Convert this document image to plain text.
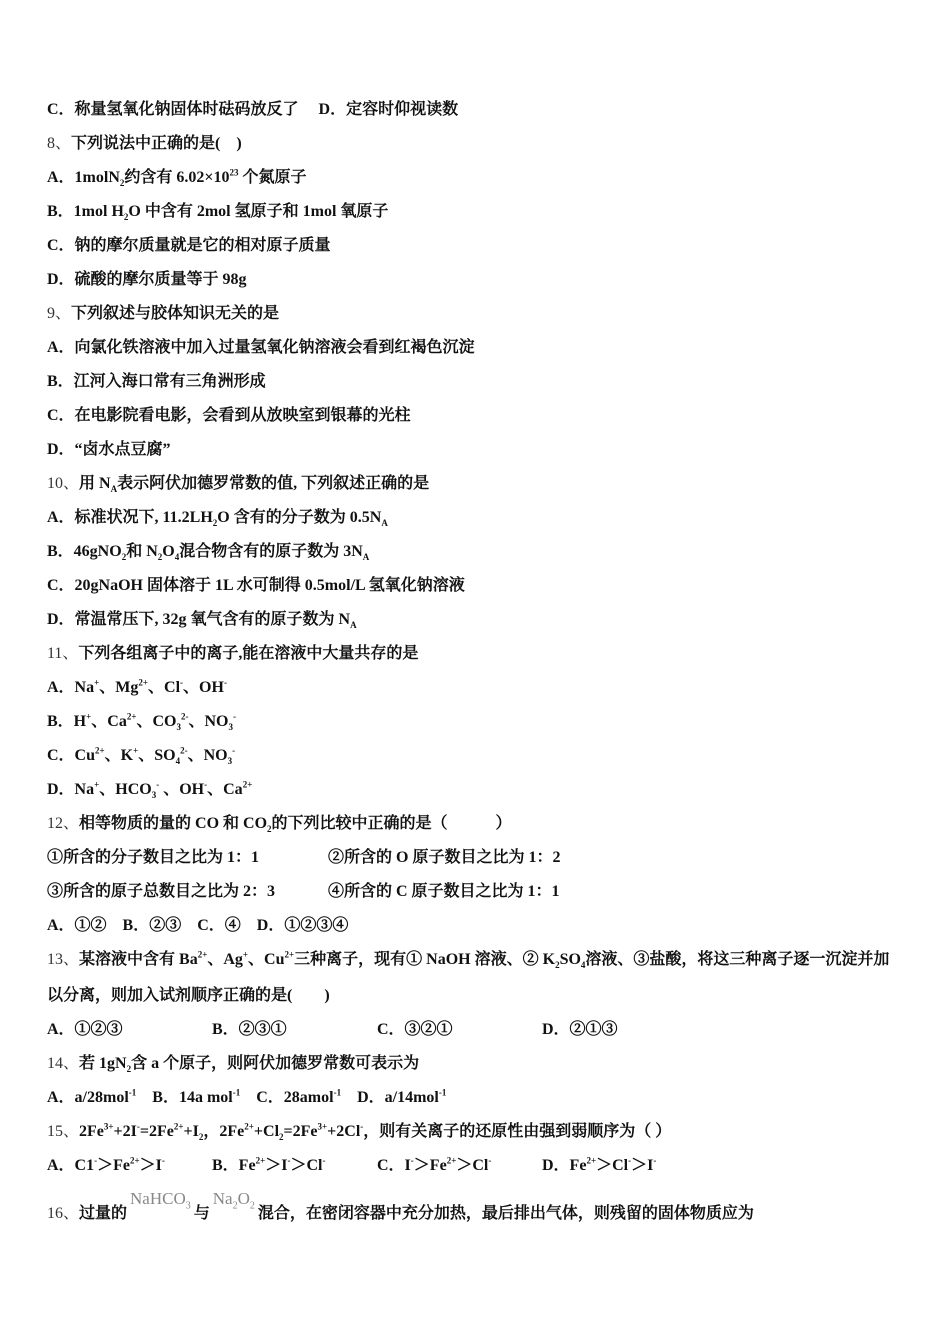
C．称量氢氧化钠固体时砝码放反了　 D．定容时仰视读数
8、下列说法中正确的是(　)
A．1molN$_2$约含有 $6.02\times 10^{23}$ 个氮原子
B．1mol $H_2O$ 中含有 2mol 氢原子和 1mol 氧原子
C．钠的摩尔质量就是它的相对原子质量
D．硫酸的摩尔质量等于 98g
9、下列叙述与胶体知识无关的是
A．向氯化铁溶液中加入过量氢氧化钠溶液会看到红褐色沉淀
B．江河入海口常有三角洲形成
C．在电影院看电影，会看到从放映室到银幕的光柱
D．“卤水点豆腐”
10、用 $N_A$表示阿伏加德罗常数的值, 下列叙述正确的是
A．标准状况下, $11.2LH_2O$ 含有的分子数为 $0.5N_A$
B．46gNO$_2$和 $N_2O_4$混合物含有的原子数为 $3N_A$
C．20gNaOH 固体溶于 1L 水可制得 0.5mol/L 氢氧化钠溶液
D．常温常压下, 32g 氧气含有的原子数为 $N_A$
11、下列各组离子中的离子,能在溶液中大量共存的是
A．Na+、$Mg^{2+}$、Cl-、OH-
B．H+、$Ca^{2+}$、$CO_3^{2-}$、$NO_3^-$
C．$Cu^{2+}$、K+、$SO_4^{2-}$、$NO_3^-$
D．Na+、$HCO_3^-$ 、OH-、$Ca^{2+}$
12、相等物质的量的 CO 和 $CO_2$的下列比较中正确的是（　　　）
①所含的分子数目之比为 1：1	②所含的 O 原子数目之比为 1：2
③所含的原子总数目之比为 2：3	④所含的 C 原子数目之比为 1：1
A．①②　B．②③　C．④　D．①②③④
13、某溶液中含有 $Ba^{2+}$、Ag+、$Cu^{2+}$三种离子，现有① NaOH 溶液、② $K_2SO_4$溶液、③盐酸，将这三种离子逐一沉淀并加
以分离，则加入试剂顺序正确的是(　　)
A．①②③	B．②③①	C．③②①	D．②①③
14、若 $1gN_2$含 a 个原子，则阿伏加德罗常数可表示为
A．a/28mol$^{-1}$　B．14a mol$^{-1}$　C．28amol$^{-1}$　D．a/14mol$^{-1}$
15、$2Fe^{3+}+2I^-=2Fe^{2+}+I_2$，$2Fe^{2+}+Cl_2=2Fe^{3+}+2Cl^-$，则有关离子的还原性由强到弱顺序为（ ）
A．$C1^->Fe^{2+}>I^-$	B．$Fe^{2+}>I^->Cl^-$	C．$I^->Fe^{2+}>Cl^-$	D．$Fe^{2+}>Cl^->I^-$
16、过量的NaHCO$_3$ 与$Na_2O_2$ 混合，在密闭容器中充分加热，最后排出气体，则残留的固体物质应为
